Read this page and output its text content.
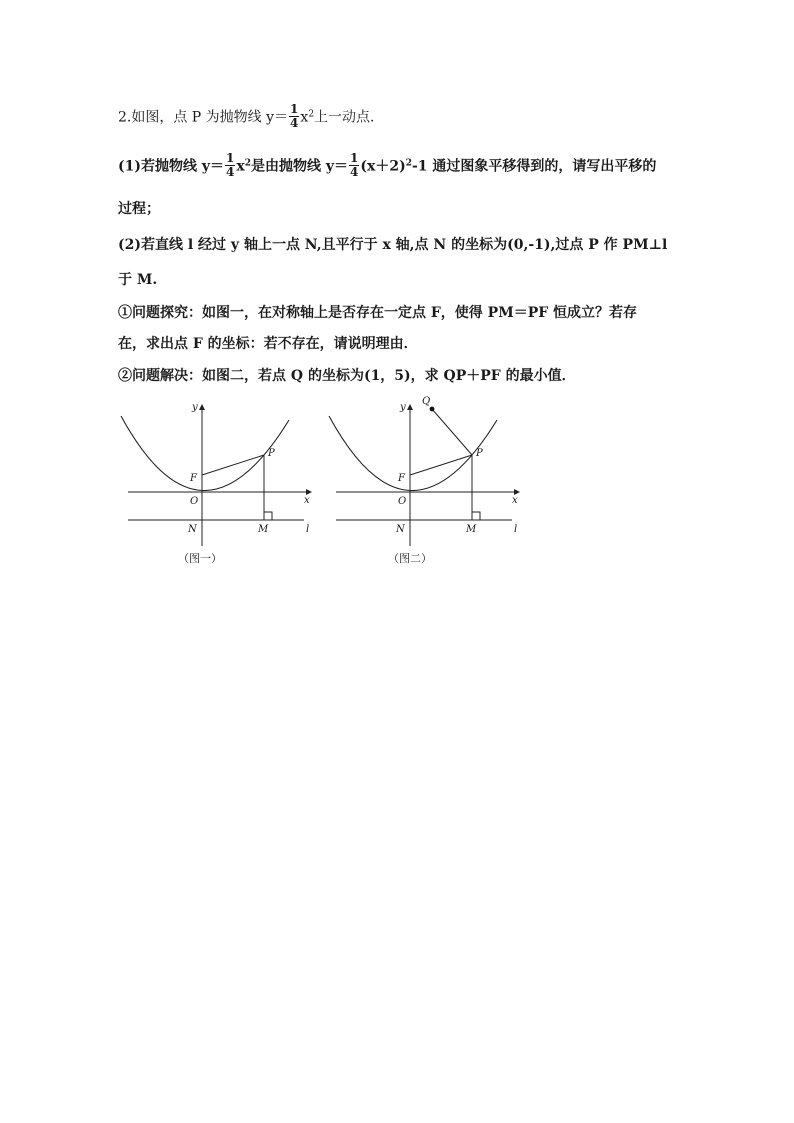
2.如图，点 P 为抛物线 $y= \frac{1}{4} x^2$上一动点．
(1)若抛物线 $y= \frac{1}{4} x^2$是由抛物线 $y= \frac{1}{4} (x+2)^2-1$ 通过图象平移得到的，请写出平移的
过程；
(2)若直线 l 经过 y 轴上一点 N,且平行于 x 轴,点 N 的坐标为(0,-1),过点 P 作 PM⊥l
于 M.
①问题探究：如图一，在对称轴上是否存在一定点 F，使得 PM＝PF 恒成立？若存
在，求出点 F 的坐标：若不存在，请说明理由．
②问题解决：如图二，若点 Q 的坐标为(1，5)，求 QP＋PF 的最小值．
y
x
F
P
O
N	M	l
（图一）
Q
y
x
F
P
O
N	M	l
（图二）
